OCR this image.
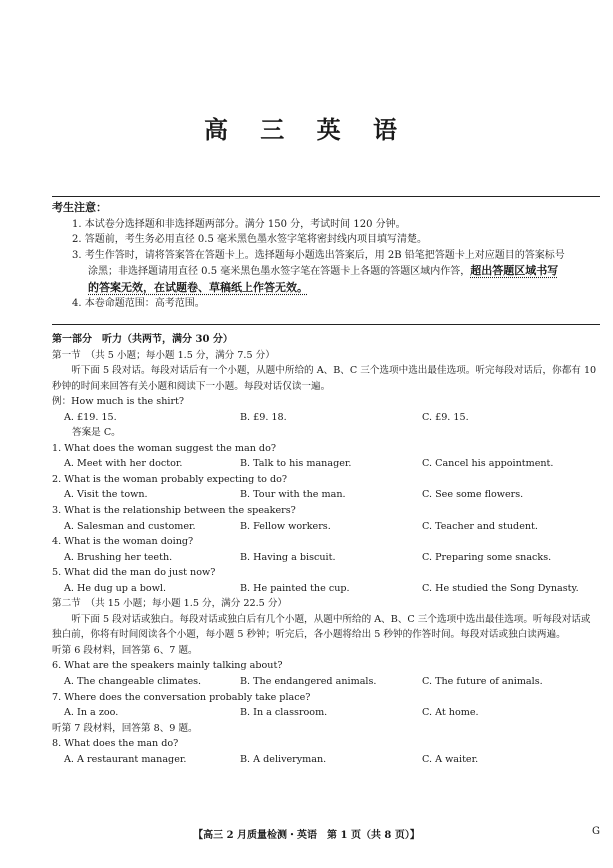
高 三 英 语
考生注意：

1. 本试卷分选择题和非选择题两部分。满分 150 分，考试时间 120 分钟。

2. 答题前，考生务必用直径 0.5 毫米黑色墨水签字笔将密封线内项目填写清楚。

3. 考生作答时，请将答案答在答题卡上。选择题每小题选出答案后，用 2B 铅笔把答题卡上对应题目的答案标号

涂黑；非选择题请用直径 0.5 毫米黑色墨水签字笔在答题卡上各题的答题区域内作答，超出答题区域书写

的答案无效，在试题卷、草稿纸上作答无效。

4. 本卷命题范围：高考范围。

第一部分　听力（共两节，满分 30 分）

第一节　（共 5 小题；每小题 1.5 分，满分 7.5 分）

听下面 5 段对话。每段对话后有一个小题，从题中所给的 A、B、C 三个选项中选出最佳选项。听完每段对话后，你都有 10 秒钟的时间来回答有关小题和阅读下一小题。每段对话仅读一遍。

例：How much is the shirt?

A. £19. 15.	B. £9. 18.	C. £9. 15.

答案是 C。

1. What does the woman suggest the man do?

A. Meet with her doctor.	B. Talk to his manager.	C. Cancel his appointment.

2. What is the woman probably expecting to do?

A. Visit the town.	B. Tour with the man.	C. See some flowers.

3. What is the relationship between the speakers?

A. Salesman and customer.	B. Fellow workers.	C. Teacher and student.

4. What is the woman doing?

A. Brushing her teeth.	B. Having a biscuit.	C. Preparing some snacks.

5. What did the man do just now?

A. He dug up a bowl.	B. He painted the cup.	C. He studied the Song Dynasty.

第二节　（共 15 小题；每小题 1.5 分，满分 22.5 分）

听下面 5 段对话或独白。每段对话或独白后有几个小题，从题中所给的 A、B、C 三个选项中选出最佳选项。听每段对话或独白前，你将有时间阅读各个小题，每小题 5 秒钟；听完后，各小题将给出 5 秒钟的作答时间。每段对话或独白读两遍。

听第 6 段材料，回答第 6、7 题。

6. What are the speakers mainly talking about?

A. The changeable climates.	B. The endangered animals.	C. The future of animals.

7. Where does the conversation probably take place?

A. In a zoo.	B. In a classroom.	C. At home.

听第 7 段材料，回答第 8、9 题。

8. What does the man do?

A. A restaurant manager.	B. A deliveryman.	C. A waiter.
【高三 2 月质量检测・英语　第 1 页（共 8 页）】	G
